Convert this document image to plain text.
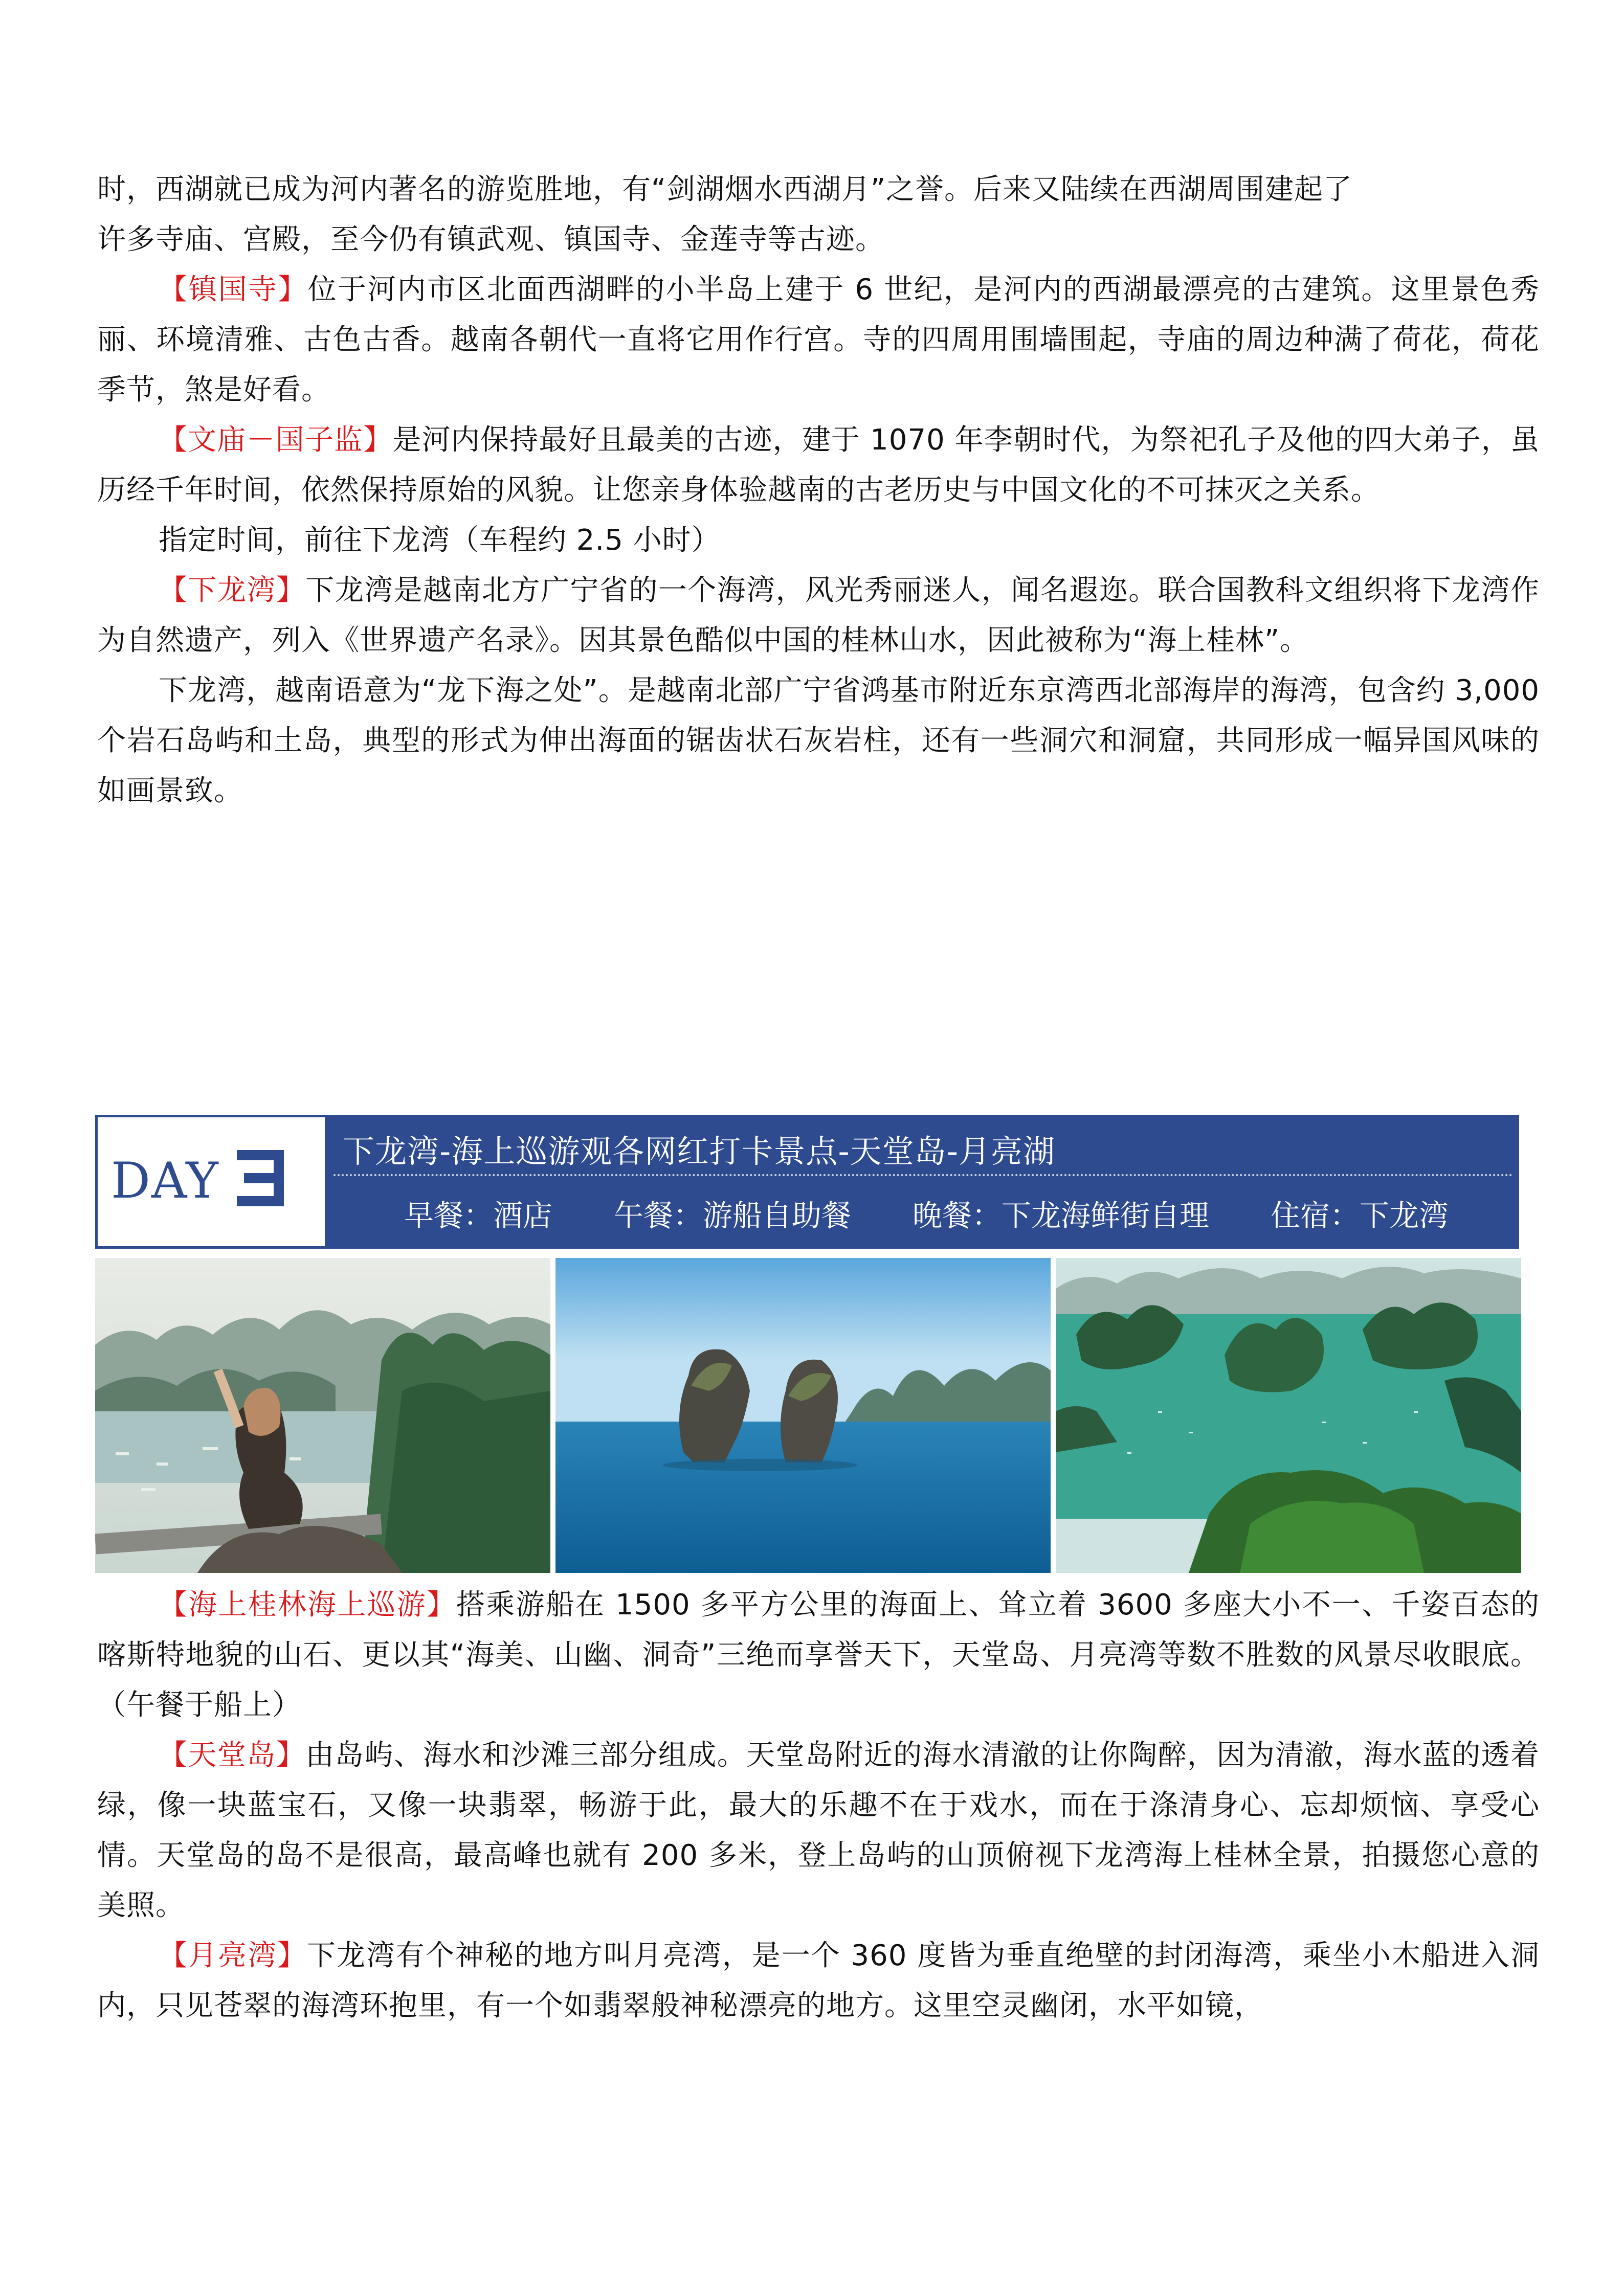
时，西湖就已成为河内著名的游览胜地，有“剑湖烟水西湖月”之誉。后来又陆续在西湖周围建起了
许多寺庙、宫殿，至今仍有镇武观、镇国寺、金莲寺等古迹。

【镇国寺】位于河内市区北面西湖畔的小半岛上建于 6 世纪，是河内的西湖最漂亮的古建筑。这里景色秀丽、环境清雅、古色古香。越南各朝代一直将它用作行宫。寺的四周用围墙围起，寺庙的周边种满了荷花，荷花季节，煞是好看。

【文庙－国子监】是河内保持最好且最美的古迹，建于 1070 年李朝时代，为祭祀孔子及他的四大弟子，虽历经千年时间，依然保持原始的风貌。让您亲身体验越南的古老历史与中国文化的不可抹灭之关系。

指定时间，前往下龙湾（车程约 2.5 小时）

【下龙湾】下龙湾是越南北方广宁省的一个海湾，风光秀丽迷人，闻名遐迩。联合国教科文组织将下龙湾作为自然遗产，列入《世界遗产名录》。因其景色酷似中国的桂林山水，因此被称为“海上桂林”。

下龙湾，越南语意为“龙下海之处”。是越南北部广宁省鸿基市附近东京湾西北部海岸的海湾，包含约 3,000 个岩石岛屿和土岛，典型的形式为伸出海面的锯齿状石灰岩柱，还有一些洞穴和洞窟，共同形成一幅异国风味的如画景致。

DAY
下龙湾-海上巡游观各网红打卡景点-天堂岛-月亮湖
早餐：酒店 午餐：游船自助餐 晚餐：下龙海鲜街自理 住宿：下龙湾

【海上桂林海上巡游】搭乘游船在 1500 多平方公里的海面上、耸立着 3600 多座大小不一、千姿百态的喀斯特地貌的山石、更以其“海美、山幽、洞奇”三绝而享誉天下，天堂岛、月亮湾等数不胜数的风景尽收眼底。（午餐于船上）

【天堂岛】由岛屿、海水和沙滩三部分组成。天堂岛附近的海水清澈的让你陶醉，因为清澈，海水蓝的透着绿，像一块蓝宝石，又像一块翡翠，畅游于此，最大的乐趣不在于戏水，而在于涤清身心、忘却烦恼、享受心情。天堂岛的岛不是很高，最高峰也就有 200 多米，登上岛屿的山顶俯视下龙湾海上桂林全景，拍摄您心意的美照。

【月亮湾】下龙湾有个神秘的地方叫月亮湾，是一个 360 度皆为垂直绝壁的封闭海湾，乘坐小木船进入洞内，只见苍翠的海湾环抱里，有一个如翡翠般神秘漂亮的地方。这里空灵幽闭，水平如镜，
